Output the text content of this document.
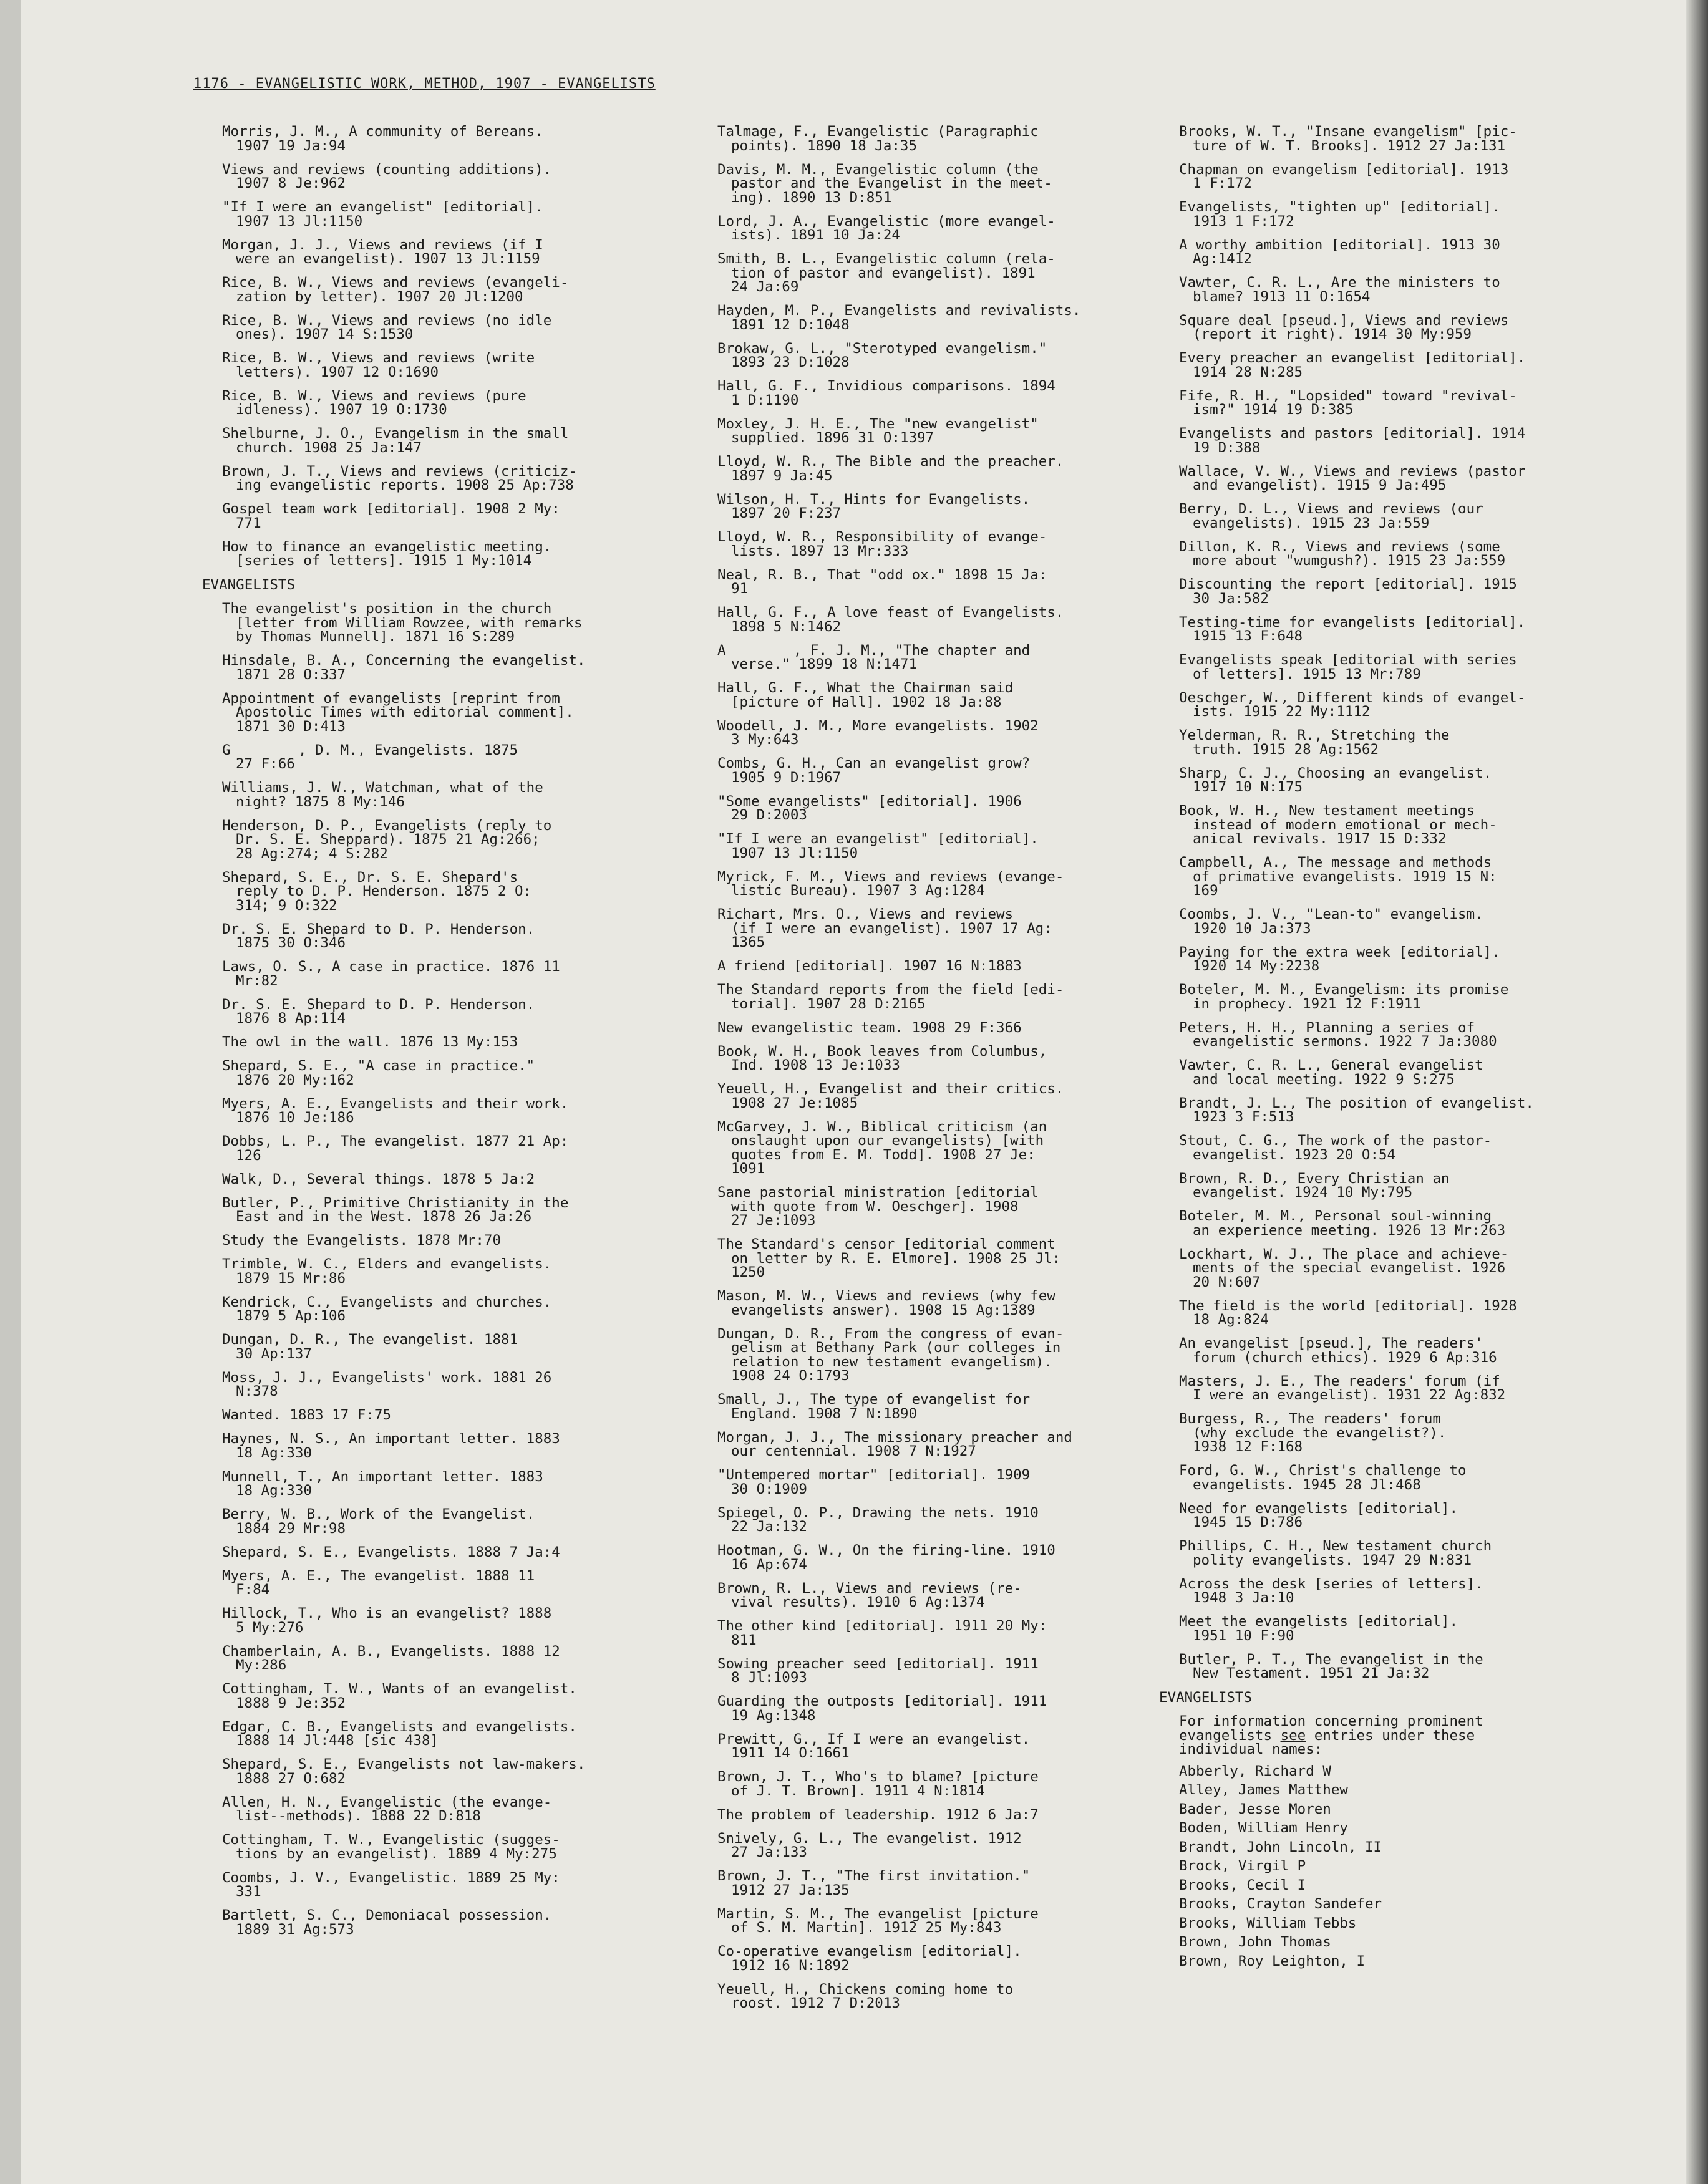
1176 - EVANGELISTIC WORK, METHOD, 1907 - EVANGELISTS
Morris, J. M., A community of Bereans.
1907 19 Ja:94
Views and reviews (counting additions).
1907 8 Je:962
"If I were an evangelist" [editorial].
1907 13 Jl:1150
Morgan, J. J., Views and reviews (if I
were an evangelist). 1907 13 Jl:1159
Rice, B. W., Views and reviews (evangeli-
zation by letter). 1907 20 Jl:1200
Rice, B. W., Views and reviews (no idle
ones). 1907 14 S:1530
Rice, B. W., Views and reviews (write
letters). 1907 12 O:1690
Rice, B. W., Views and reviews (pure
idleness). 1907 19 O:1730
Shelburne, J. O., Evangelism in the small
church. 1908 25 Ja:147
Brown, J. T., Views and reviews (criticiz-
ing evangelistic reports. 1908 25 Ap:738
Gospel team work [editorial]. 1908 2 My:
771
How to finance an evangelistic meeting.
[series of letters]. 1915 1 My:1014
EVANGELISTS
The evangelist's position in the church
[letter from William Rowzee, with remarks
by Thomas Munnell]. 1871 16 S:289
Hinsdale, B. A., Concerning the evangelist.
1871 28 O:337
Appointment of evangelists [reprint from
Apostolic Times with editorial comment].
1871 30 D:413
G        , D. M., Evangelists. 1875
27 F:66
Williams, J. W., Watchman, what of the
night? 1875 8 My:146
Henderson, D. P., Evangelists (reply to
Dr. S. E. Sheppard). 1875 21 Ag:266;
28 Ag:274; 4 S:282
Shepard, S. E., Dr. S. E. Shepard's
reply to D. P. Henderson. 1875 2 O:
314; 9 O:322
Dr. S. E. Shepard to D. P. Henderson.
1875 30 O:346
Laws, O. S., A case in practice. 1876 11
Mr:82
Dr. S. E. Shepard to D. P. Henderson.
1876 8 Ap:114
The owl in the wall. 1876 13 My:153
Shepard, S. E., "A case in practice."
1876 20 My:162
Myers, A. E., Evangelists and their work.
1876 10 Je:186
Dobbs, L. P., The evangelist. 1877 21 Ap:
126
Walk, D., Several things. 1878 5 Ja:2
Butler, P., Primitive Christianity in the
East and in the West. 1878 26 Ja:26
Study the Evangelists. 1878 Mr:70
Trimble, W. C., Elders and evangelists.
1879 15 Mr:86
Kendrick, C., Evangelists and churches.
1879 5 Ap:106
Dungan, D. R., The evangelist. 1881
30 Ap:137
Moss, J. J., Evangelists' work. 1881 26
N:378
Wanted. 1883 17 F:75
Haynes, N. S., An important letter. 1883
18 Ag:330
Munnell, T., An important letter. 1883
18 Ag:330
Berry, W. B., Work of the Evangelist.
1884 29 Mr:98
Shepard, S. E., Evangelists. 1888 7 Ja:4
Myers, A. E., The evangelist. 1888 11
F:84
Hillock, T., Who is an evangelist? 1888
5 My:276
Chamberlain, A. B., Evangelists. 1888 12
My:286
Cottingham, T. W., Wants of an evangelist.
1888 9 Je:352
Edgar, C. B., Evangelists and evangelists.
1888 14 Jl:448 [sic 438]
Shepard, S. E., Evangelists not law-makers.
1888 27 O:682
Allen, H. N., Evangelistic (the evange-
list--methods). 1888 22 D:818
Cottingham, T. W., Evangelistic (sugges-
tions by an evangelist). 1889 4 My:275
Coombs, J. V., Evangelistic. 1889 25 My:
331
Bartlett, S. C., Demoniacal possession.
1889 31 Ag:573
Talmage, F., Evangelistic (Paragraphic
points). 1890 18 Ja:35
Davis, M. M., Evangelistic column (the
pastor and the Evangelist in the meet-
ing). 1890 13 D:851
Lord, J. A., Evangelistic (more evangel-
ists). 1891 10 Ja:24
Smith, B. L., Evangelistic column (rela-
tion of pastor and evangelist). 1891
24 Ja:69
Hayden, M. P., Evangelists and revivalists.
1891 12 D:1048
Brokaw, G. L., "Sterotyped evangelism."
1893 23 D:1028
Hall, G. F., Invidious comparisons. 1894
1 D:1190
Moxley, J. H. E., The "new evangelist"
supplied. 1896 31 O:1397
Lloyd, W. R., The Bible and the preacher.
1897 9 Ja:45
Wilson, H. T., Hints for Evangelists.
1897 20 F:237
Lloyd, W. R., Responsibility of evange-
lists. 1897 13 Mr:333
Neal, R. B., That "odd ox." 1898 15 Ja:
91
Hall, G. F., A love feast of Evangelists.
1898 5 N:1462
A        , F. J. M., "The chapter and
verse." 1899 18 N:1471
Hall, G. F., What the Chairman said
[picture of Hall]. 1902 18 Ja:88
Woodell, J. M., More evangelists. 1902
3 My:643
Combs, G. H., Can an evangelist grow?
1905 9 D:1967
"Some evangelists" [editorial]. 1906
29 D:2003
"If I were an evangelist" [editorial].
1907 13 Jl:1150
Myrick, F. M., Views and reviews (evange-
listic Bureau). 1907 3 Ag:1284
Richart, Mrs. O., Views and reviews
(if I were an evangelist). 1907 17 Ag:
1365
A friend [editorial]. 1907 16 N:1883
The Standard reports from the field [edi-
torial]. 1907 28 D:2165
New evangelistic team. 1908 29 F:366
Book, W. H., Book leaves from Columbus,
Ind. 1908 13 Je:1033
Yeuell, H., Evangelist and their critics.
1908 27 Je:1085
McGarvey, J. W., Biblical criticism (an
onslaught upon our evangelists) [with
quotes from E. M. Todd]. 1908 27 Je:
1091
Sane pastorial ministration [editorial
with quote from W. Oeschger]. 1908
27 Je:1093
The Standard's censor [editorial comment
on letter by R. E. Elmore]. 1908 25 Jl:
1250
Mason, M. W., Views and reviews (why few
evangelists answer). 1908 15 Ag:1389
Dungan, D. R., From the congress of evan-
gelism at Bethany Park (our colleges in
relation to new testament evangelism).
1908 24 O:1793
Small, J., The type of evangelist for
England. 1908 7 N:1890
Morgan, J. J., The missionary preacher and
our centennial. 1908 7 N:1927
"Untempered mortar" [editorial]. 1909
30 O:1909
Spiegel, O. P., Drawing the nets. 1910
22 Ja:132
Hootman, G. W., On the firing-line. 1910
16 Ap:674
Brown, R. L., Views and reviews (re-
vival results). 1910 6 Ag:1374
The other kind [editorial]. 1911 20 My:
811
Sowing preacher seed [editorial]. 1911
8 Jl:1093
Guarding the outposts [editorial]. 1911
19 Ag:1348
Prewitt, G., If I were an evangelist.
1911 14 O:1661
Brown, J. T., Who's to blame? [picture
of J. T. Brown]. 1911 4 N:1814
The problem of leadership. 1912 6 Ja:7
Snively, G. L., The evangelist. 1912
27 Ja:133
Brown, J. T., "The first invitation."
1912 27 Ja:135
Martin, S. M., The evangelist [picture
of S. M. Martin]. 1912 25 My:843
Co-operative evangelism [editorial].
1912 16 N:1892
Yeuell, H., Chickens coming home to
roost. 1912 7 D:2013
Brooks, W. T., "Insane evangelism" [pic-
ture of W. T. Brooks]. 1912 27 Ja:131
Chapman on evangelism [editorial]. 1913
1 F:172
Evangelists, "tighten up" [editorial].
1913 1 F:172
A worthy ambition [editorial]. 1913 30
Ag:1412
Vawter, C. R. L., Are the ministers to
blame? 1913 11 O:1654
Square deal [pseud.], Views and reviews
(report it right). 1914 30 My:959
Every preacher an evangelist [editorial].
1914 28 N:285
Fife, R. H., "Lopsided" toward "revival-
ism?" 1914 19 D:385
Evangelists and pastors [editorial]. 1914
19 D:388
Wallace, V. W., Views and reviews (pastor
and evangelist). 1915 9 Ja:495
Berry, D. L., Views and reviews (our
evangelists). 1915 23 Ja:559
Dillon, K. R., Views and reviews (some
more about "wumgush?). 1915 23 Ja:559
Discounting the report [editorial]. 1915
30 Ja:582
Testing-time for evangelists [editorial].
1915 13 F:648
Evangelists speak [editorial with series
of letters]. 1915 13 Mr:789
Oeschger, W., Different kinds of evangel-
ists. 1915 22 My:1112
Yelderman, R. R., Stretching the
truth. 1915 28 Ag:1562
Sharp, C. J., Choosing an evangelist.
1917 10 N:175
Book, W. H., New testament meetings
instead of modern emotional or mech-
anical revivals. 1917 15 D:332
Campbell, A., The message and methods
of primative evangelists. 1919 15 N:
169
Coombs, J. V., "Lean-to" evangelism.
1920 10 Ja:373
Paying for the extra week [editorial].
1920 14 My:2238
Boteler, M. M., Evangelism: its promise
in prophecy. 1921 12 F:1911
Peters, H. H., Planning a series of
evangelistic sermons. 1922 7 Ja:3080
Vawter, C. R. L., General evangelist
and local meeting. 1922 9 S:275
Brandt, J. L., The position of evangelist.
1923 3 F:513
Stout, C. G., The work of the pastor-
evangelist. 1923 20 O:54
Brown, R. D., Every Christian an
evangelist. 1924 10 My:795
Boteler, M. M., Personal soul-winning
an experience meeting. 1926 13 Mr:263
Lockhart, W. J., The place and achieve-
ments of the special evangelist. 1926
20 N:607
The field is the world [editorial]. 1928
18 Ag:824
An evangelist [pseud.], The readers'
forum (church ethics). 1929 6 Ap:316
Masters, J. E., The readers' forum (if
I were an evangelist). 1931 22 Ag:832
Burgess, R., The readers' forum
(why exclude the evangelist?).
1938 12 F:168
Ford, G. W., Christ's challenge to
evangelists. 1945 28 Jl:468
Need for evangelists [editorial].
1945 15 D:786
Phillips, C. H., New testament church
polity evangelists. 1947 29 N:831
Across the desk [series of letters].
1948 3 Ja:10
Meet the evangelists [editorial].
1951 10 F:90
Butler, P. T., The evangelist in the
New Testament. 1951 21 Ja:32
EVANGELISTS
For information concerning prominent
evangelists see entries under these
individual names:
Abberly, Richard W
Alley, James Matthew
Bader, Jesse Moren
Boden, William Henry
Brandt, John Lincoln, II
Brock, Virgil P
Brooks, Cecil I
Brooks, Crayton Sandefer
Brooks, William Tebbs
Brown, John Thomas
Brown, Roy Leighton, I
